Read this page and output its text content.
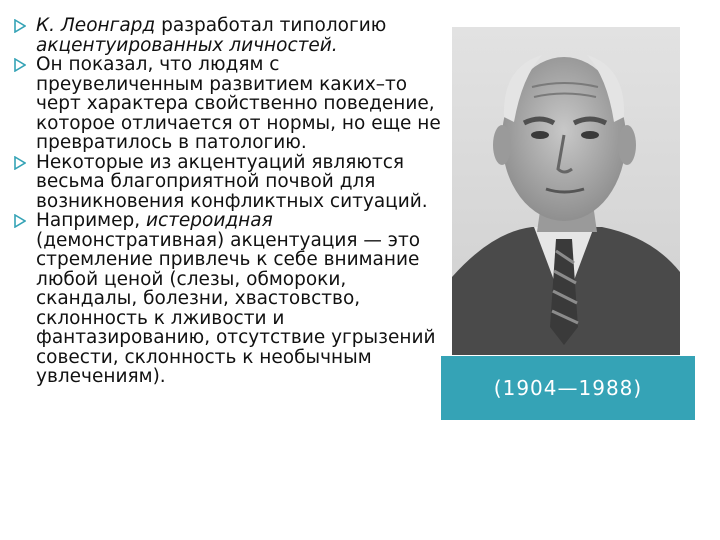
К. Леонгард разработал типологию акцентуированных личностей.
Он показал, что людям с преувеличенным развитием каких–то черт характера свойственно поведение, которое отличается от нормы, но еще не превратилось в патологию.
Некоторые из акцентуаций являются весьма благоприятной почвой для возникновения конфликтных ситуаций.
Например, истероидная (демонстративная) акцентуация — это стремление привлечь к себе внимание любой ценой (слезы, обмороки, скандалы, болезни, хвастовство, склонность к лживости и фантазированию, отсутствие угрызений совести, склонность к необычным увлечениям).	(1904—1988)
